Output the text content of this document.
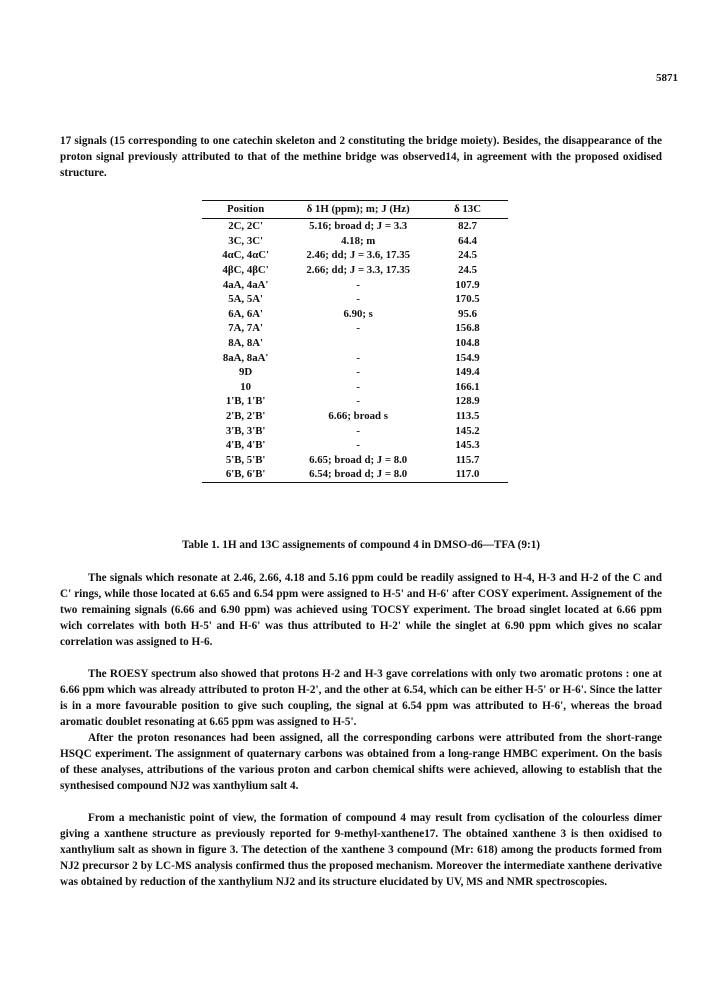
5871

17 signals (15 corresponding to one catechin skeleton and 2 constituting the bridge moiety). Besides, the disappearance of the proton signal previously attributed to that of the methine bridge was observed14, in agreement with the proposed oxidised structure.

Position	δ 1H (ppm); m; J (Hz)	δ 13C
2C, 2C'	5.16; broad d; J = 3.3	82.7
3C, 3C'	4.18; m	64.4
4αC, 4αC'	2.46; dd; J = 3.6, 17.35	24.5
4βC, 4βC'	2.66; dd; J = 3.3, 17.35	24.5
4aA, 4aA'	-	107.9
5A, 5A'	-	170.5
6A, 6A'	6.90; s	95.6
7A, 7A'	-	156.8
8A, 8A'		104.8
8aA, 8aA'	-	154.9
9D	-	149.4
10	-	166.1
1'B, 1'B'	-	128.9
2'B, 2'B'	6.66; broad s	113.5
3'B, 3'B'	-	145.2
4'B, 4'B'	-	145.3
5'B, 5'B'	6.65; broad d; J = 8.0	115.7
6'B, 6'B'	6.54; broad d; J = 8.0	117.0
Table 1. 1H and 13C assignements of compound 4 in DMSO-d6—TFA (9:1)

The signals which resonate at 2.46, 2.66, 4.18 and 5.16 ppm could be readily assigned to H-4, H-3 and H-2 of the C and C' rings, while those located at 6.65 and 6.54 ppm were assigned to H-5' and H-6' after COSY experiment. Assignement of the two remaining signals (6.66 and 6.90 ppm) was achieved using TOCSY experiment. The broad singlet located at 6.66 ppm wich correlates with both H-5' and H-6' was thus attributed to H-2' while the singlet at 6.90 ppm which gives no scalar correlation was assigned to H-6.

The ROESY spectrum also showed that protons H-2 and H-3 gave correlations with only two aromatic protons : one at 6.66 ppm which was already attributed to proton H-2', and the other at 6.54, which can be either H-5' or H-6'. Since the latter is in a more favourable position to give such coupling, the signal at 6.54 ppm was attributed to H-6', whereas the broad aromatic doublet resonating at 6.65 ppm was assigned to H-5'.

After the proton resonances had been assigned, all the corresponding carbons were attributed from the short-range HSQC experiment. The assignment of quaternary carbons was obtained from a long-range HMBC experiment. On the basis of these analyses, attributions of the various proton and carbon chemical shifts were achieved, allowing to establish that the synthesised compound NJ2 was xanthylium salt 4.

From a mechanistic point of view, the formation of compound 4 may result from cyclisation of the colourless dimer giving a xanthene structure as previously reported for 9-methyl-xanthene17. The obtained xanthene 3 is then oxidised to xanthylium salt as shown in figure 3. The detection of the xanthene 3 compound (Mr: 618) among the products formed from NJ2 precursor 2 by LC-MS analysis confirmed thus the proposed mechanism. Moreover the intermediate xanthene derivative was obtained by reduction of the xanthylium NJ2 and its structure elucidated by UV, MS and NMR spectroscopies.
